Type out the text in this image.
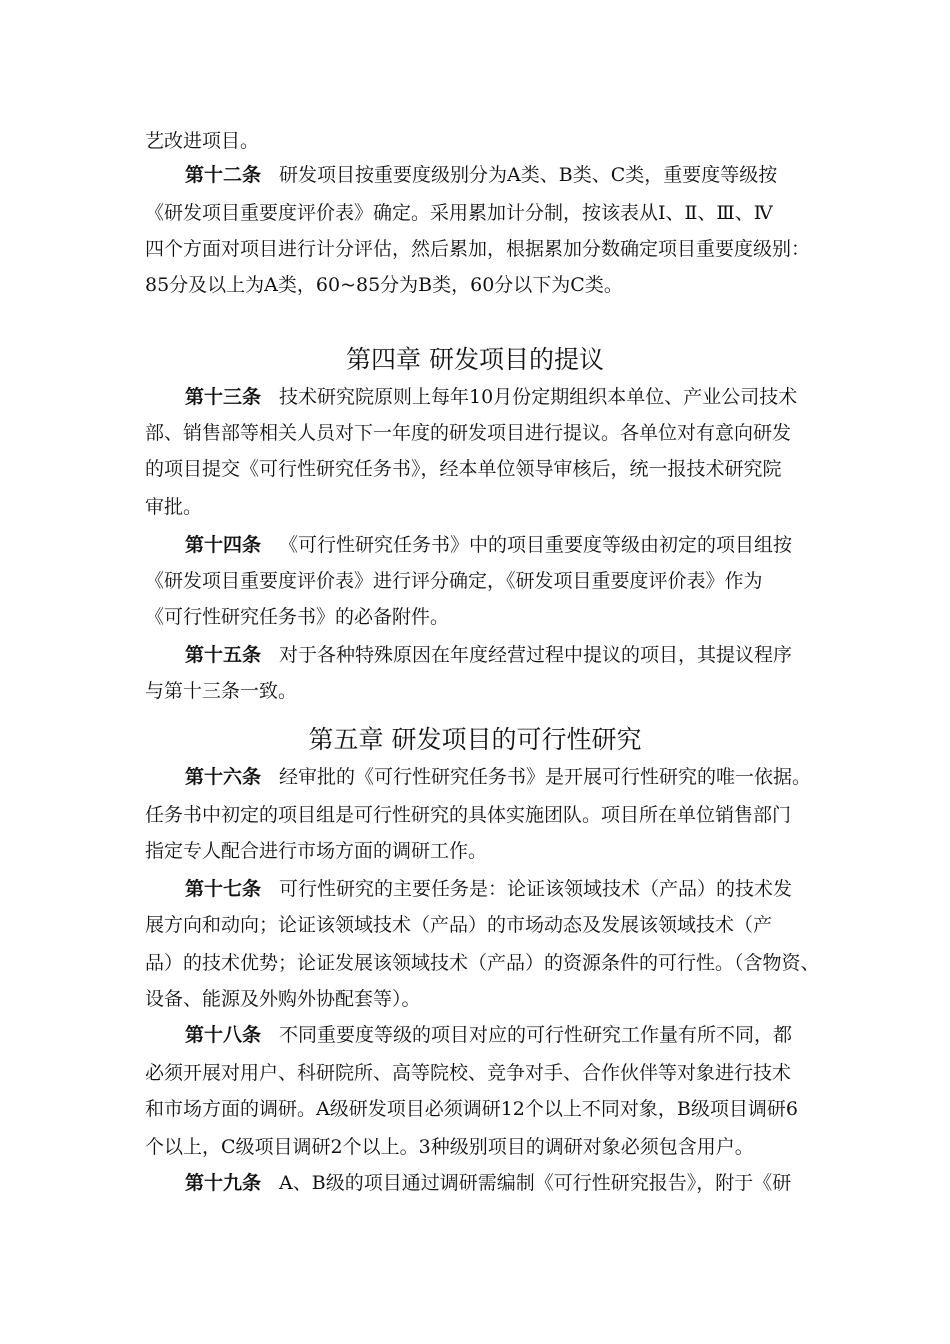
艺改进项目。
第十二条 研发项目按重要度级别分为A类、B类、C类，重要度等级按
《研发项目重要度评价表》确定。采用累加计分制，按该表从Ⅰ、Ⅱ、Ⅲ、Ⅳ
四个方面对项目进行计分评估，然后累加，根据累加分数确定项目重要度级别：
85分及以上为A类，60~85分为B类，60分以下为C类。
第四章 研发项目的提议
第十三条 技术研究院原则上每年10月份定期组织本单位、产业公司技术
部、销售部等相关人员对下一年度的研发项目进行提议。各单位对有意向研发
的项目提交《可行性研究任务书》，经本单位领导审核后，统一报技术研究院
审批。
第十四条 《可行性研究任务书》中的项目重要度等级由初定的项目组按
《研发项目重要度评价表》进行评分确定，《研发项目重要度评价表》作为
《可行性研究任务书》的必备附件。
第十五条 对于各种特殊原因在年度经营过程中提议的项目，其提议程序
与第十三条一致。
第五章 研发项目的可行性研究
第十六条 经审批的《可行性研究任务书》是开展可行性研究的唯一依据。
任务书中初定的项目组是可行性研究的具体实施团队。项目所在单位销售部门
指定专人配合进行市场方面的调研工作。
第十七条 可行性研究的主要任务是：论证该领域技术（产品）的技术发
展方向和动向；论证该领域技术（产品）的市场动态及发展该领域技术（产
品）的技术优势；论证发展该领域技术（产品）的资源条件的可行性。（含物资、
设备、能源及外购外协配套等）。
第十八条 不同重要度等级的项目对应的可行性研究工作量有所不同，都
必须开展对用户、科研院所、高等院校、竞争对手、合作伙伴等对象进行技术
和市场方面的调研。A级研发项目必须调研12个以上不同对象，B级项目调研6
个以上，C级项目调研2个以上。3种级别项目的调研对象必须包含用户。
第十九条 A、B级的项目通过调研需编制《可行性研究报告》，附于《研
